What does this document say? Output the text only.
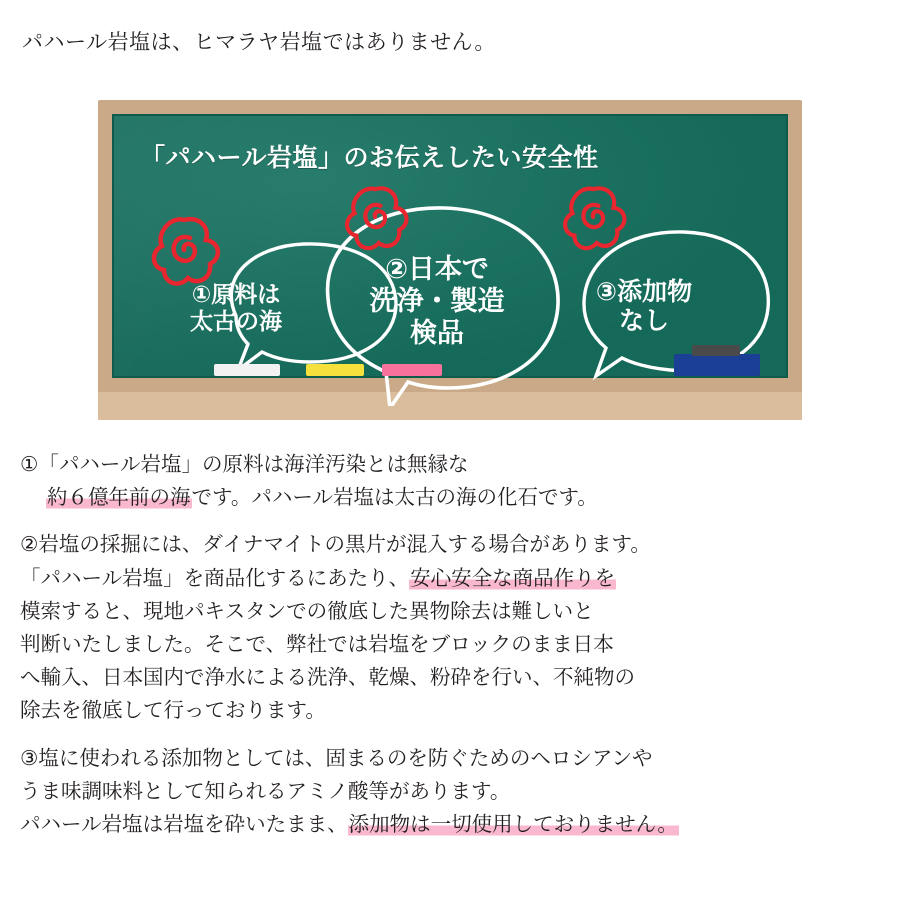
パハール岩塩は、ヒマラヤ岩塩ではありません。
「パハール岩塩」のお伝えしたい安全性
①原料は
太古の海
②日本で
洗浄・製造
検品
③添加物
なし
①「パハール岩塩」の原料は海洋汚染とは無縁な
約６億年前の海です。パハール岩塩は太古の海の化石です。
②岩塩の採掘には、ダイナマイトの黒片が混入する場合があります。
「パハール岩塩」を商品化するにあたり、安心安全な商品作りを
模索すると、現地パキスタンでの徹底した異物除去は難しいと
判断いたしました。そこで、弊社では岩塩をブロックのまま日本
へ輸入、日本国内で浄水による洗浄、乾燥、粉砕を行い、不純物の
除去を徹底して行っております。
③塩に使われる添加物としては、固まるのを防ぐためのヘロシアンや
うま味調味料として知られるアミノ酸等があります。
パハール岩塩は岩塩を砕いたまま、添加物は一切使用しておりません。
